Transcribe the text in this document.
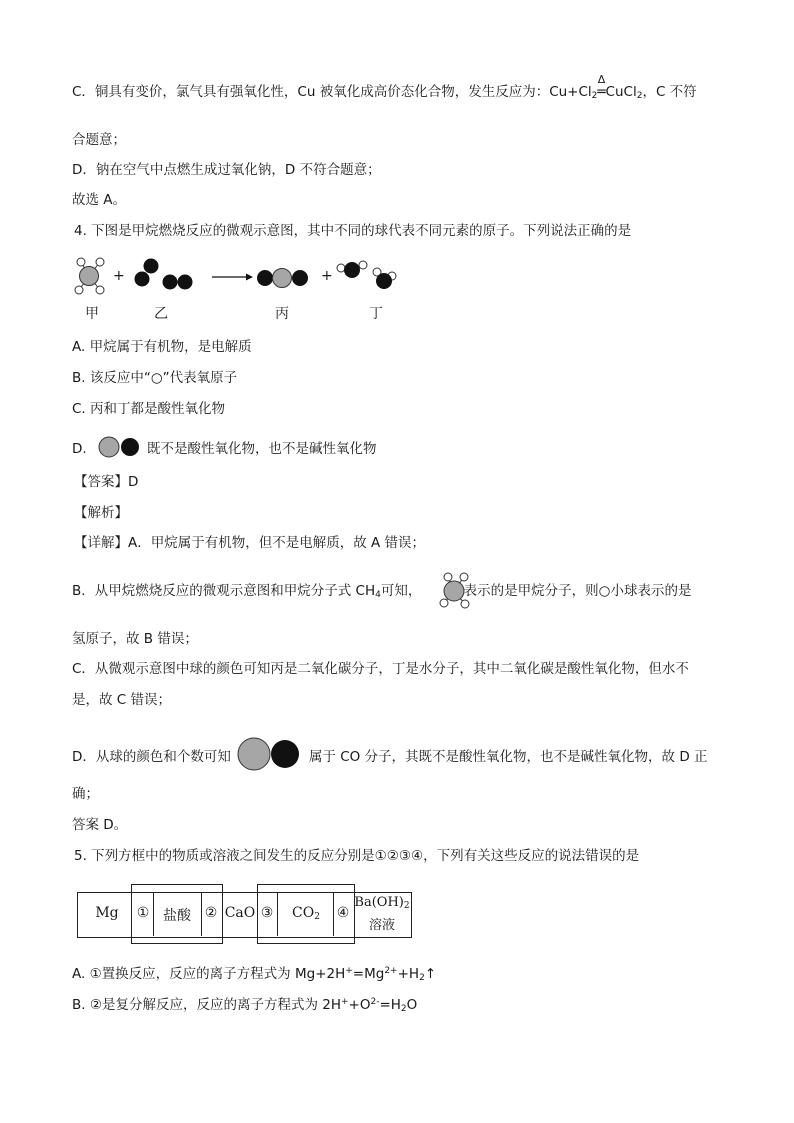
C．铜具有变价，氯气具有强氧化性，Cu 被氧化成高价态化合物，发生反应为：$Cu+Cl_2$
Δ
═CuCl$_2$，C 不符
合题意；
D．钠在空气中点燃生成过氧化钠，D 不符合题意；
故选 A。
4. 下图是甲烷燃烧反应的微观示意图，其中不同的球代表不同元素的原子。下列说法正确的是
+	+
甲	乙	丙	丁
A. 甲烷属于有机物，是电解质
B. 该反应中“○”代表氧原子
C. 丙和丁都是酸性氧化物
D.	既不是酸性氧化物，也不是碱性氧化物
【答案】D
【解析】
【详解】A．甲烷属于有机物，但不是电解质，故 A 错误；
B．从甲烷燃烧反应的微观示意图和甲烷分子式 $CH_4$可知，	表示的是甲烷分子，则○小球表示的是
氢原子，故 B 错误；
C．从微观示意图中球的颜色可知丙是二氧化碳分子，丁是水分子，其中二氧化碳是酸性氧化物，但水不
是，故 C 错误；
D．从球的颜色和个数可知	属于 CO 分子，其既不是酸性氧化物，也不是碱性氧化物，故 D 正
确；
答案 D。
5. 下列方框中的物质或溶液之间发生的反应分别是①②③④，下列有关这些反应的说法错误的是
Mg	① 盐酸 ② CaO ③	$CO_2$	④
$Ba(OH)_2$
溶液
A. ①置换反应，反应的离子方程式为 $Mg+2H^+=Mg^{2+}+H_2↑$
B. ②是复分解反应，反应的离子方程式为 $2H^++O^{2-}=H_2O$
